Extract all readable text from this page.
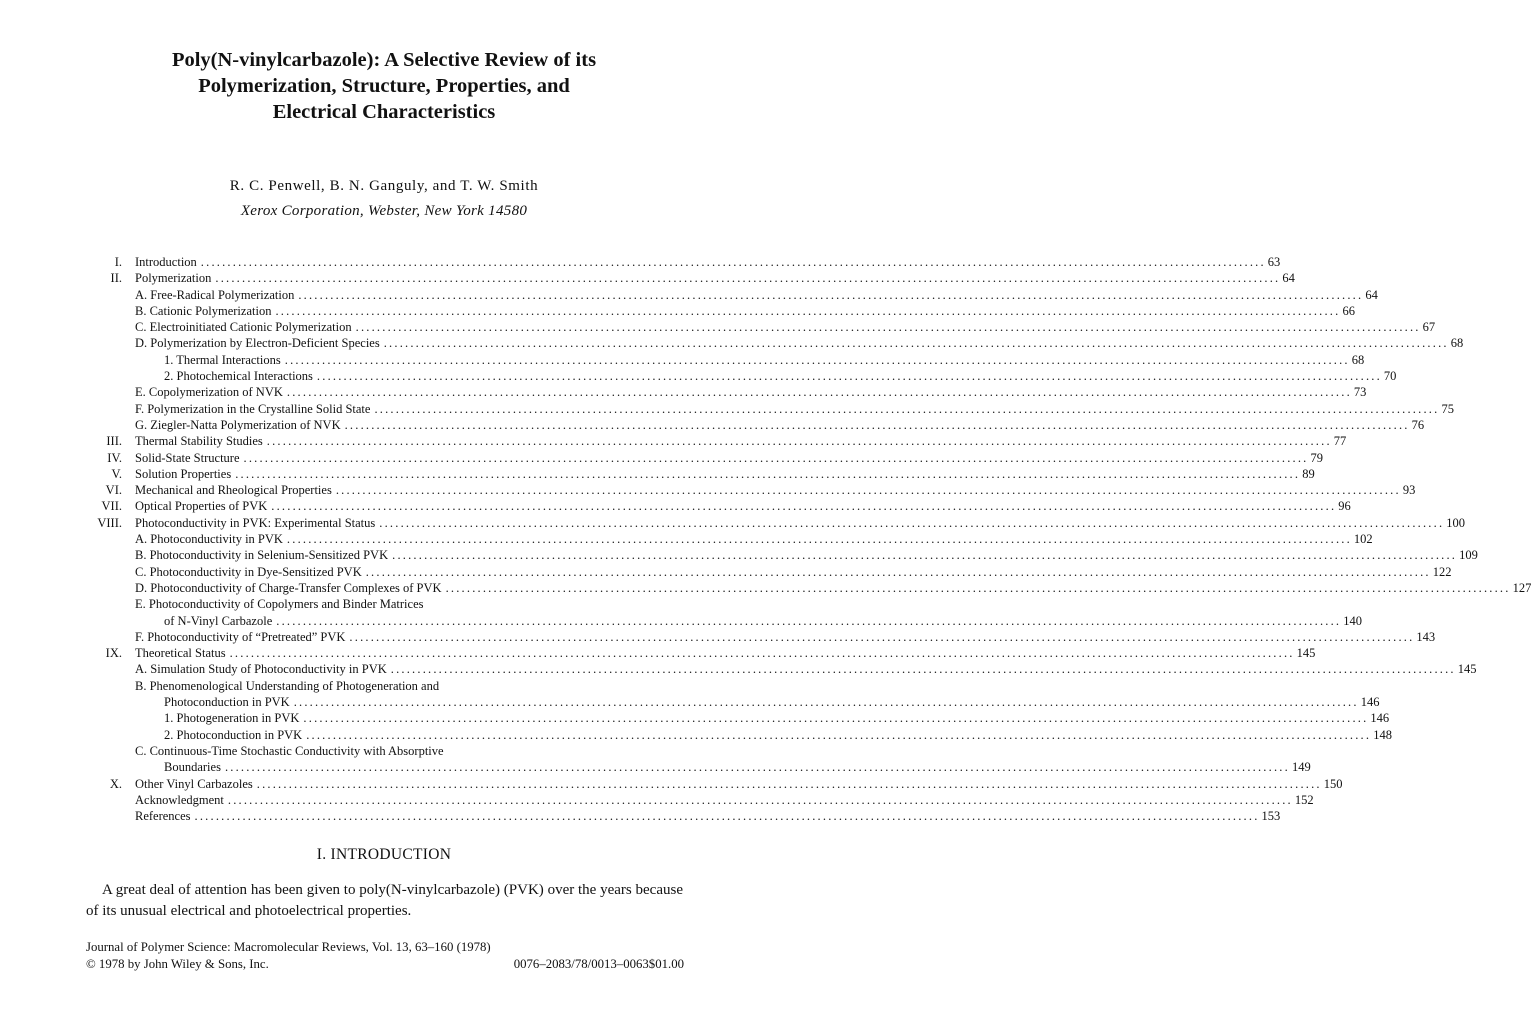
Poly(N-vinylcarbazole): A Selective Review of its
Polymerization, Structure, Properties, and
Electrical Characteristics
R. C. Penwell, B. N. Ganguly, and T. W. Smith
Xerox Corporation, Webster, New York 14580
I. Introduction ........................................................................................................................................................................................................ 63
II. Polymerization ........................................................................................................................................................................................................ 64
A. Free-Radical Polymerization ........................................................................................................................................................................................................ 64
B. Cationic Polymerization ........................................................................................................................................................................................................ 66
C. Electroinitiated Cationic Polymerization ........................................................................................................................................................................................................ 67
D. Polymerization by Electron-Deficient Species ........................................................................................................................................................................................................ 68
1. Thermal Interactions ........................................................................................................................................................................................................ 68
2. Photochemical Interactions ........................................................................................................................................................................................................ 70
E. Copolymerization of NVK ........................................................................................................................................................................................................ 73
F. Polymerization in the Crystalline Solid State ........................................................................................................................................................................................................ 75
G. Ziegler-Natta Polymerization of NVK ........................................................................................................................................................................................................ 76
III. Thermal Stability Studies ........................................................................................................................................................................................................ 77
IV. Solid-State Structure ........................................................................................................................................................................................................ 79
V. Solution Properties ........................................................................................................................................................................................................ 89
VI. Mechanical and Rheological Properties ........................................................................................................................................................................................................ 93
VII. Optical Properties of PVK ........................................................................................................................................................................................................ 96
VIII. Photoconductivity in PVK: Experimental Status ........................................................................................................................................................................................................ 100
A. Photoconductivity in PVK ........................................................................................................................................................................................................ 102
B. Photoconductivity in Selenium-Sensitized PVK ........................................................................................................................................................................................................ 109
C. Photoconductivity in Dye-Sensitized PVK ........................................................................................................................................................................................................ 122
D. Photoconductivity of Charge-Transfer Complexes of PVK ........................................................................................................................................................................................................ 127
E. Photoconductivity of Copolymers and Binder Matrices
of N-Vinyl Carbazole ........................................................................................................................................................................................................ 140
F. Photoconductivity of “Pretreated” PVK ........................................................................................................................................................................................................ 143
IX. Theoretical Status ........................................................................................................................................................................................................ 145
A. Simulation Study of Photoconductivity in PVK ........................................................................................................................................................................................................ 145
B. Phenomenological Understanding of Photogeneration and
Photoconduction in PVK ........................................................................................................................................................................................................ 146
1. Photogeneration in PVK ........................................................................................................................................................................................................ 146
2. Photoconduction in PVK ........................................................................................................................................................................................................ 148
C. Continuous-Time Stochastic Conductivity with Absorptive
Boundaries ........................................................................................................................................................................................................ 149
X. Other Vinyl Carbazoles ........................................................................................................................................................................................................ 150
Acknowledgment ........................................................................................................................................................................................................ 152
References ........................................................................................................................................................................................................ 153
I. INTRODUCTION
A great deal of attention has been given to poly(N-vinylcarbazole) (PVK) over the years because of its unusual electrical and photoelectrical properties.
Journal of Polymer Science: Macromolecular Reviews, Vol. 13, 63–160 (1978)
© 1978 by John Wiley & Sons, Inc.	0076–2083/78/0013–0063$01.00
